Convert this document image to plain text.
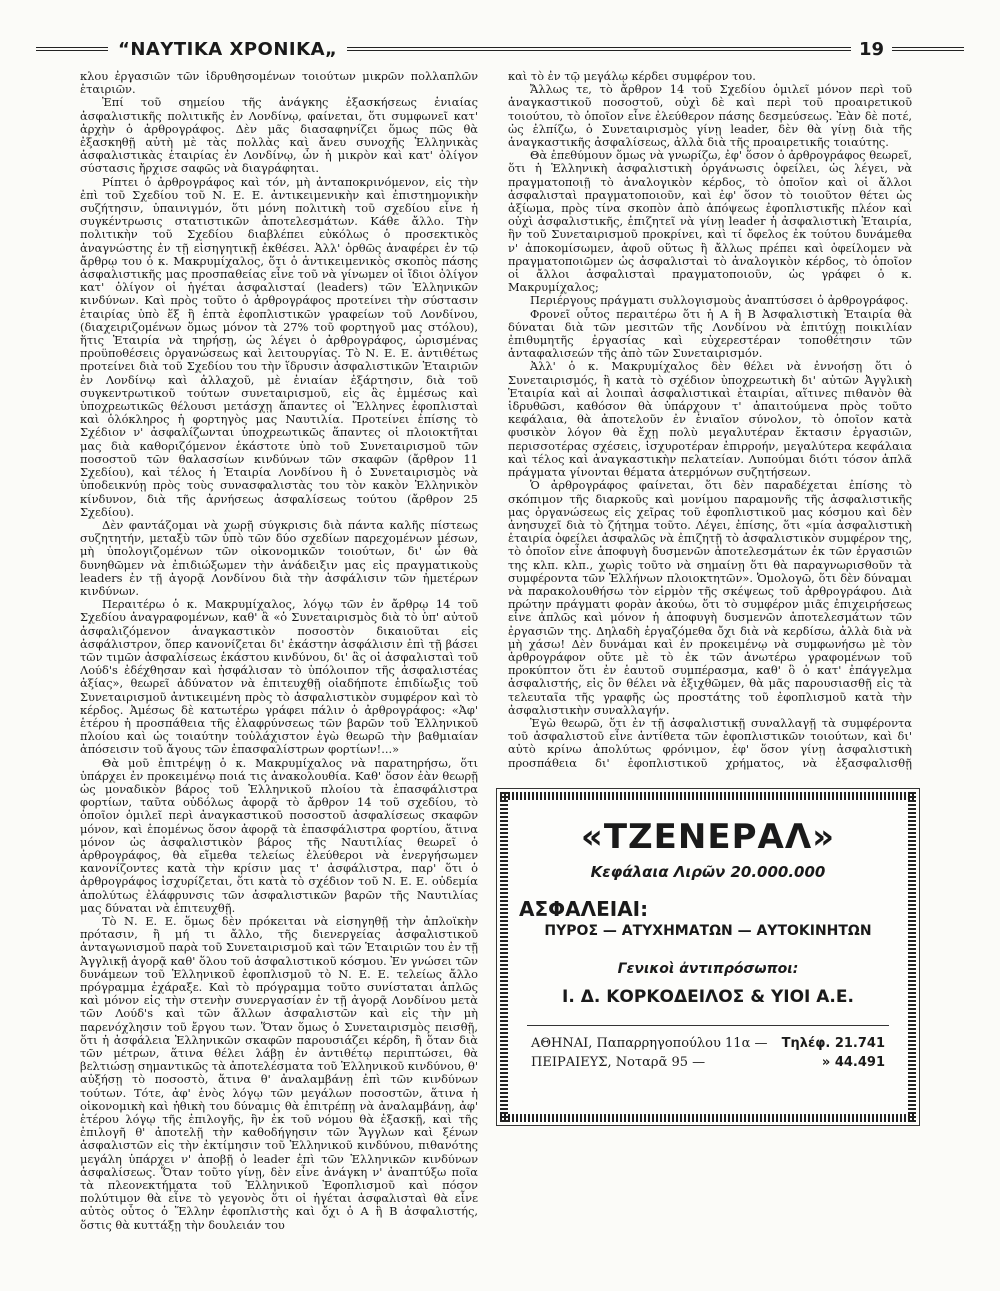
“ΝΑΥΤΙΚΑ ΧΡΟΝΙΚΑ„	19

κλου ἐργασιῶν τῶν ἱδρυθησομένων τοιούτων μικρῶν πολλαπλῶν ἑταιριῶν.

Ἐπί τοῦ σημείου τῆς ἀνάγκης ἐξασκήσεως ἑνιαίας ἀσφαλιστικῆς πολιτικῆς ἐν Λονδίνῳ, φαίνεται, ὅτι συμφωνεῖ κατ' ἀρχὴν ὁ ἀρθρογράφος. Δὲν μᾶς διασαφηνίζει ὅμως πῶς θὰ ἐξασκηθῇ αὐτὴ μὲ τὰς πολλὰς καὶ ἄνευ συνοχῆς Ἑλληνικὰς ἀσφαλιστικὰς ἑταιρίας ἐν Λονδίνῳ, ὧν ἡ μικρὸν καὶ κατ' ὀλίγον σύστασις ἤρχισε σαφῶς νὰ διαγράφηται.

Ρίπτει ὁ ἀρθρογράφος καὶ τόν, μὴ ἀνταποκρινόμενον, εἰς τὴν ἐπὶ τοῦ Σχεδίου τοῦ Ν. Ε. Ε. ἀντικειμενικὴν καὶ ἐπιστημονικὴν συζήτησιν, ὑπαινιγμόν, ὅτι μόνη πολιτικὴ τοῦ σχεδίου εἶνε ἡ συγκέντρωσις στατιστικῶν ἀποτελεσμάτων. Κάθε ἄλλο. Τὴν πολιτικὴν τοῦ Σχεδίου διαβλέπει εὐκόλως ὁ προσεκτικὸς ἀναγνώστης ἐν τῇ εἰσηγητικῇ ἐκθέσει. Ἀλλ' ὀρθῶς ἀναφέρει ἐν τῷ ἄρθρῳ του ὁ κ. Μακρυμίχαλος, ὅτι ὁ ἀντικειμενικὸς σκοπὸς πάσης ἀσφαλιστικῆς μας προσπαθείας εἶνε τοῦ νὰ γίνωμεν οἱ ἴδιοι ὀλίγον κατ' ὀλίγον οἱ ἡγέται ἀσφαλισταί (leaders) τῶν Ἑλληνικῶν κινδύνων. Καὶ πρὸς τοῦτο ὁ ἀρθρογράφος προτείνει τὴν σύστασιν ἑταιρίας ὑπὸ ἕξ ἢ ἑπτὰ ἐφοπλιστικῶν γραφείων τοῦ Λονδίνου, (διαχειριζομένων ὅμως μόνον τὰ 27% τοῦ φορτηγοῦ μας στόλου), ἥτις Ἑταιρία νὰ τηρήσῃ, ὡς λέγει ὁ ἀρθρογράφος, ὡρισμένας προϋποθέσεις ὀργανώσεως καὶ λειτουργίας. Τὸ Ν. Ε. Ε. ἀντιθέτως προτείνει διὰ τοῦ Σχεδίου του τὴν ἵδρυσιν ἀσφαλιστικῶν Ἑταιριῶν ἐν Λονδίνῳ καὶ ἀλλαχοῦ, μὲ ἑνιαίαν ἐξάρτησιν, διὰ τοῦ συγκεντρωτικοῦ τούτων συνεταιρισμοῦ, εἰς ἃς ἐμμέσως καὶ ὑποχρεωτικῶς θέλουσι μετάσχῃ ἅπαντες οἱ Ἕλληνες ἐφοπλισταὶ καὶ ὁλόκληρος ἡ φορτηγὸς μας Ναυτιλία. Προτείνει ἐπίσης τὸ Σχέδιον ν' ἀσφαλίζωνται ὑποχρεωτικῶς ἅπαντες οἱ πλοιοκτῆται μας διὰ καθοριζόμενον ἑκάστοτε ὑπὸ τοῦ Συνεταιρισμοῦ τῶν ποσοστοῦ τῶν θαλασσίων κινδύνων τῶν σκαφῶν (ἄρθρον 11 Σχεδίου), καὶ τέλος ἡ Ἑταιρία Λονδίνου ἢ ὁ Συνεταιρισμὸς νὰ ὑποδεικνύῃ πρὸς τοὺς συνασφαλιστὰς του τὸν κακὸν Ἑλληνικὸν κίνδυνον, διὰ τῆς ἀρνήσεως ἀσφαλίσεως τούτου (ἄρθρον 25 Σχεδίου).

Δὲν φαντάζομαι νὰ χωρῇ σύγκρισις διὰ πάντα καλῆς πίστεως συζητητήν, μεταξὺ τῶν ὑπὸ τῶν δύο σχεδίων παρεχομένων μέσων, μὴ ὑπολογιζομένων τῶν οἰκονομικῶν τοιούτων, δι' ὧν θὰ δυνηθῶμεν νὰ ἐπιδιώξωμεν τὴν ἀνάδειξιν μας εἰς πραγματικοὺς leaders ἐν τῇ ἀγορᾷ Λονδίνου διὰ τὴν ἀσφάλισιν τῶν ἡμετέρων κινδύνων.

Περαιτέρω ὁ κ. Μακρυμίχαλος, λόγῳ τῶν ἐν ἄρθρῳ 14 τοῦ Σχεδίου ἀναγραφομένων, καθ' ἃ «ὁ Συνεταιρισμὸς διὰ τὸ ὑπ' αὐτοῦ ἀσφαλιζόμενον ἀναγκαστικὸν ποσοστὸν δικαιοῦται εἰς ἀσφάλιστρον, ὅπερ κανονίζεται δι' ἑκάστην ἀσφάλισιν ἐπὶ τῇ βάσει τῶν τιμῶν ἀσφαλίσεως ἑκάστου κινδύνου, δι' ἃς οἱ ἀσφαλισταὶ τοῦ Λούδ's ἐδέχθησαν καὶ ἠσφάλισαν τὸ ὑπόλοιπον τῆς ἀσφαλιστέας ἀξίας», θεωρεῖ ἀδύνατον νὰ ἐπιτευχθῇ οἱαδήποτε ἐπιδίωξις τοῦ Συνεταιρισμοῦ ἀντικειμένη πρὸς τὸ ἀσφαλιστικὸν συμφέρον καὶ τὸ κέρδος. Ἀμέσως δὲ κατωτέρω γράφει πάλιν ὁ ἀρθρογράφος: «Ἀφ' ἑτέρου ἡ προσπάθεια τῆς ἐλαφρύνσεως τῶν βαρῶν τοῦ Ἑλληνικοῦ πλοίου καὶ ὡς τοιαύτην τοὐλάχιστον ἐγὼ θεωρῶ τὴν βαθμιαίαν ἀπόσεισιν τοῦ ἄγους τῶν ἐπασφαλίστρων φορτίων!...»

Θὰ μοῦ ἐπιτρέψῃ ὁ κ. Μακρυμίχαλος νὰ παρατηρήσω, ὅτι ὑπάρχει ἐν προκειμένῳ ποιά τις ἀνακολουθία. Καθ' ὅσον ἐὰν θεωρῇ ὡς μοναδικὸν βάρος τοῦ Ἑλληνικοῦ πλοίου τὰ ἐπασφάλιστρα φορτίων, ταῦτα οὐδόλως ἀφορᾷ τὸ ἄρθρον 14 τοῦ σχεδίου, τὸ ὁποῖον ὁμιλεῖ περὶ ἀναγκαστικοῦ ποσοστοῦ ἀσφαλίσεως σκαφῶν μόνον, καὶ ἑπομένως ὅσον ἀφορᾷ τὰ ἐπασφάλιστρα φορτίου, ἅτινα μόνον ὡς ἀσφαλιστικὸν βάρος τῆς Ναυτιλίας θεωρεῖ ὁ ἀρθρογράφος, θὰ εἴμεθα τελείως ἐλεύθεροι νὰ ἐνεργήσωμεν κανονίζοντες κατὰ τὴν κρίσιν μας τ' ἀσφάλιστρα, παρ' ὅτι ὁ ἀρθρογράφος ἰσχυρίζεται, ὅτι κατὰ τὸ σχέδιον τοῦ Ν. Ε. Ε. οὐδεμία ἀπολύτως ἐλάφρυνσις τῶν ἀσφαλιστικῶν βαρῶν τῆς Ναυτιλίας μας δύναται νὰ ἐπιτευχθῇ.

Τὸ Ν. Ε. Ε. ὅμως δὲν πρόκειται νὰ εἰσηγηθῇ τὴν ἀπλοϊκὴν πρότασιν, ἢ μή τι ἄλλο, τῆς διενεργείας ἀσφαλιστικοῦ ἀνταγωνισμοῦ παρὰ τοῦ Συνεταιρισμοῦ καὶ τῶν Ἑταιριῶν του ἐν τῇ Ἀγγλικῇ ἀγορᾷ καθ' ὅλου τοῦ ἀσφαλιστικοῦ κόσμου. Ἐν γνώσει τῶν δυνάμεων τοῦ Ἑλληνικοῦ ἐφοπλισμοῦ τὸ Ν. Ε. Ε. τελείως ἄλλο πρόγραμμα ἐχάραξε. Καὶ τὸ πρόγραμμα τοῦτο συνίσταται ἁπλῶς καὶ μόνον εἰς τὴν στενὴν συνεργασίαν ἐν τῇ ἀγορᾷ Λονδίνου μετὰ τῶν Λούδ's καὶ τῶν ἄλλων ἀσφαλιστῶν καὶ εἰς τὴν μὴ παρενόχλησιν τοῦ ἔργου των. Ὅταν ὅμως ὁ Συνεταιρισμὸς πεισθῇ, ὅτι ἡ ἀσφάλεια Ἑλληνικῶν σκαφῶν παρουσιάζει κέρδη, ἢ ὅταν διὰ τῶν μέτρων, ἅτινα θέλει λάβῃ ἐν ἀντιθέτῳ περιπτώσει, θὰ βελτιώσῃ σημαντικῶς τὰ ἀποτελέσματα τοῦ Ἑλληνικοῦ κινδύνου, θ' αὐξήσῃ τὸ ποσοστὸ, ἅτινα θ' ἀναλαμβάνῃ ἐπὶ τῶν κινδύνων τούτων. Τότε, ἀφ' ἑνὸς λόγῳ τῶν μεγάλων ποσοστῶν, ἅτινα ἡ οἰκονομικὴ καὶ ἠθικὴ του δύναμις θὰ ἐπιτρέπῃ νὰ ἀναλαμβάνῃ, ἀφ' ἑτέρου λόγῳ τῆς ἐπιλογῆς, ἣν ἐκ τοῦ νόμου θὰ ἐξασκῇ, καὶ τῆς ἐπιλογῆ θ' ἀποτελῇ τὴν καθοδήγησιν τῶν Ἄγγλων καὶ ξένων ἀσφαλιστῶν εἰς τὴν ἐκτίμησιν τοῦ Ἑλληνικοῦ κινδύνου, πιθανότης μεγάλη ὑπάρχει ν' ἀποβῇ ὁ leader ἐπὶ τῶν Ἑλληνικῶν κινδύνων ἀσφαλίσεως. Ὅταν τοῦτο γίνῃ, δὲν εἶνε ἀνάγκη ν' ἀναπτύξω ποῖα τὰ πλεονεκτήματα τοῦ Ἑλληνικοῦ Ἐφοπλισμοῦ καὶ πόσον πολύτιμον θὰ εἶνε τὸ γεγονὸς ὅτι οἱ ἡγέται ἀσφαλισταὶ θὰ εἶνε αὐτὸς οὗτος ὁ Ἕλλην ἐφοπλιστὴς καὶ ὄχι ὁ Α ἢ Β ἀσφαλιστής, ὅστις θὰ κυττάξῃ τὴν δουλειάν του

καὶ τὸ ἐν τῷ μεγάλῳ κέρδει συμφέρον του.

Ἄλλως τε, τὸ ἄρθρον 14 τοῦ Σχεδίου ὁμιλεῖ μόνον περὶ τοῦ ἀναγκαστικοῦ ποσοστοῦ, οὐχὶ δὲ καὶ περὶ τοῦ προαιρετικοῦ τοιούτου, τὸ ὁποῖον εἶνε ἐλεύθερον πάσης δεσμεύσεως. Ἐὰν δὲ ποτέ, ὡς ἐλπίζω, ὁ Συνεταιρισμὸς γίνῃ leader, δὲν θὰ γίνῃ διὰ τῆς ἀναγκαστικῆς ἀσφαλίσεως, ἀλλὰ διὰ τῆς προαιρετικῆς τοιαύτης.

Θὰ ἐπεθύμουν ὅμως νὰ γνωρίζω, ἐφ' ὅσον ὁ ἀρθρογράφος θεωρεῖ, ὅτι ἡ Ἑλληνικὴ ἀσφαλιστικὴ ὀργάνωσις ὀφείλει, ὡς λέγει, νὰ πραγματοποιῇ τὸ ἀναλογικὸν κέρδος, τὸ ὁποῖον καὶ οἱ ἄλλοι ἀσφαλισταὶ πραγματοποιοῦν, καὶ ἐφ' ὅσον τὸ τοιοῦτον θέτει ὡς ἀξίωμα, πρὸς τίνα σκοπὸν ἀπὸ ἀπόψεως ἐφοπλιστικῆς πλέον καὶ οὐχὶ ἀσφαλιστικῆς, ἐπιζητεῖ νὰ γίνῃ leader ἡ ἀσφαλιστικὴ Ἑταιρία, ἣν τοῦ Συνεταιρισμοῦ προκρίνει, καὶ τί ὄφελος ἐκ τούτου δυνάμεθα ν' ἀποκομίσωμεν, ἀφοῦ οὕτως ἢ ἄλλως πρέπει καὶ ὀφείλομεν νὰ πραγματοποιῶμεν ὡς ἀσφαλισταὶ τὸ ἀναλογικὸν κέρδος, τὸ ὁποῖον οἱ ἄλλοι ἀσφαλισταὶ πραγματοποιοῦν, ὡς γράφει ὁ κ. Μακρυμίχαλος;

Περιέργους πράγματι συλλογισμοὺς ἀναπτύσσει ὁ ἀρθρογράφος.

Φρονεῖ οὗτος περαιτέρω ὅτι ἡ Α ἢ Β Ἀσφαλιστικὴ Ἑταιρία θὰ δύναται διὰ τῶν μεσιτῶν τῆς Λονδίνου νὰ ἐπιτύχῃ ποικιλίαν ἐπιθυμητῆς ἐργασίας καὶ εὐχερεστέραν τοποθέτησιν τῶν ἀνταφαλισεών τῆς ἀπὸ τῶν Συνεταιρισμόν.

Ἀλλ' ὁ κ. Μακρυμίχαλος δὲν θέλει νὰ ἐννοήσῃ ὅτι ὁ Συνεταιρισμός, ἢ κατὰ τὸ σχέδιον ὑποχρεωτικὴ δι' αὐτῶν Ἀγγλικὴ Ἑταιρία καὶ αἱ λοιπαὶ ἀσφαλιστικαὶ ἑταιρίαι, αἵτινες πιθανὸν θὰ ἱδρυθῶσι, καθόσον θὰ ὑπάρχουν τ' ἀπαιτούμενα πρὸς τοῦτο κεφάλαια, θὰ ἀποτελοῦν ἐν ἑνιαῖον σύνολον, τὸ ὁποῖον κατὰ φυσικὸν λόγον θὰ ἔχῃ πολὺ μεγαλυτέραν ἔκτασιν ἐργασιῶν, περισσοτέρας σχέσεις, ἰσχυροτέραν ἐπιρροήν, μεγαλύτερα κεφάλαια καὶ τέλος καὶ ἀναγκαστικὴν πελατείαν. Λυπούμαι διότι τόσον ἁπλᾶ πράγματα γίνονται θέματα ἀτερμόνων συζητήσεων.

Ὁ ἀρθρογράφος φαίνεται, ὅτι δὲν παραδέχεται ἐπίσης τὸ σκόπιμον τῆς διαρκοῦς καὶ μονίμου παραμονῆς τῆς ἀσφαλιστικῆς μας ὀργανώσεως εἰς χεῖρας τοῦ ἐφοπλιστικοῦ μας κόσμου καὶ δὲν ἀνησυχεῖ διὰ τὸ ζήτημα τοῦτο. Λέγει, ἐπίσης, ὅτι «μία ἀσφαλιστικὴ ἑταιρία ὀφείλει ἀσφαλῶς νὰ ἐπιζητῇ τὸ ἀσφαλιστικὸν συμφέρον της, τὸ ὁποῖον εἶνε ἀποφυγὴ δυσμενῶν ἀποτελεσμάτων ἐκ τῶν ἐργασιῶν της κλπ. κλπ., χωρὶς τοῦτο νὰ σημαίνῃ ὅτι θὰ παραγνωρισθοῦν τὰ συμφέροντα τῶν Ἑλλήνων πλοιοκτητῶν». Ὁμολογῶ, ὅτι δὲν δύναμαι νὰ παρακολουθήσω τὸν εἱρμὸν τῆς σκέψεως τοῦ ἀρθρογράφου. Διὰ πρώτην πράγματι φορὰν ἀκούω, ὅτι τὸ συμφέρον μιᾶς ἐπιχειρήσεως εἶνε ἁπλῶς καὶ μόνον ἡ ἀποφυγὴ δυσμενῶν ἀποτελεσμάτων τῶν ἐργασιῶν της. Δηλαδὴ ἐργαζόμεθα ὄχι διὰ νὰ κερδίσω, ἀλλὰ διὰ νὰ μὴ χάσω! Δὲν δυνάμαι καὶ ἐν προκειμένῳ νὰ συμφωνήσω μὲ τὸν ἀρθρογράφον οὔτε μὲ τὸ ἐκ τῶν ἀνωτέρω γραφομένων τοῦ προκύπτον ὅτι ἐν ἑαυτοῦ συμπέρασμα, καθ' ὃ ὁ κατ' ἐπάγγελμα ἀσφαλιστής, εἰς ὃν θέλει νὰ ἐξιχθῶμεν, θὰ μᾶς παρουσιασθῇ εἰς τὰ τελευταῖα τῆς γραφῆς ὡς προστάτης τοῦ ἐφοπλισμοῦ κατὰ τὴν ἀσφαλιστικὴν συναλλαγήν.

Ἐγὼ θεωρῶ, ὅτι ἐν τῇ ἀσφαλιστικῇ συναλλαγῇ τὰ συμφέροντα τοῦ ἀσφαλιστοῦ εἶνε ἀντίθετα τῶν ἐφοπλιστικῶν τοιούτων, καὶ δι' αὐτὸ κρίνω ἀπολύτως φρόνιμον, ἐφ' ὅσον γίνῃ ἀσφαλιστικὴ προσπάθεια δι' ἐφοπλιστικοῦ χρήματος, νὰ ἐξασφαλισθῇ

«ΤΖΕΝΕΡΑΛ»
Κεφάλαια Λιρῶν 20.000.000
ΑΣΦΑΛΕΙΑΙ:
ΠΥΡΟΣ — ΑΤΥΧΗΜΑΤΩΝ — ΑΥΤΟΚΙΝΗΤΩΝ
Γενικοὶ ἀντιπρόσωποι:
Ι. Δ. ΚΟΡΚΟΔΕΙΛΟΣ & ΥΙΟΙ Α.Ε.
ΑΘΗΝΑΙ, Παπαρρηγοπούλου 11α — Τηλέφ. 21.741
ΠΕΙΡΑΙΕΥΣ, Νοταρᾶ 95 —	» 44.491
